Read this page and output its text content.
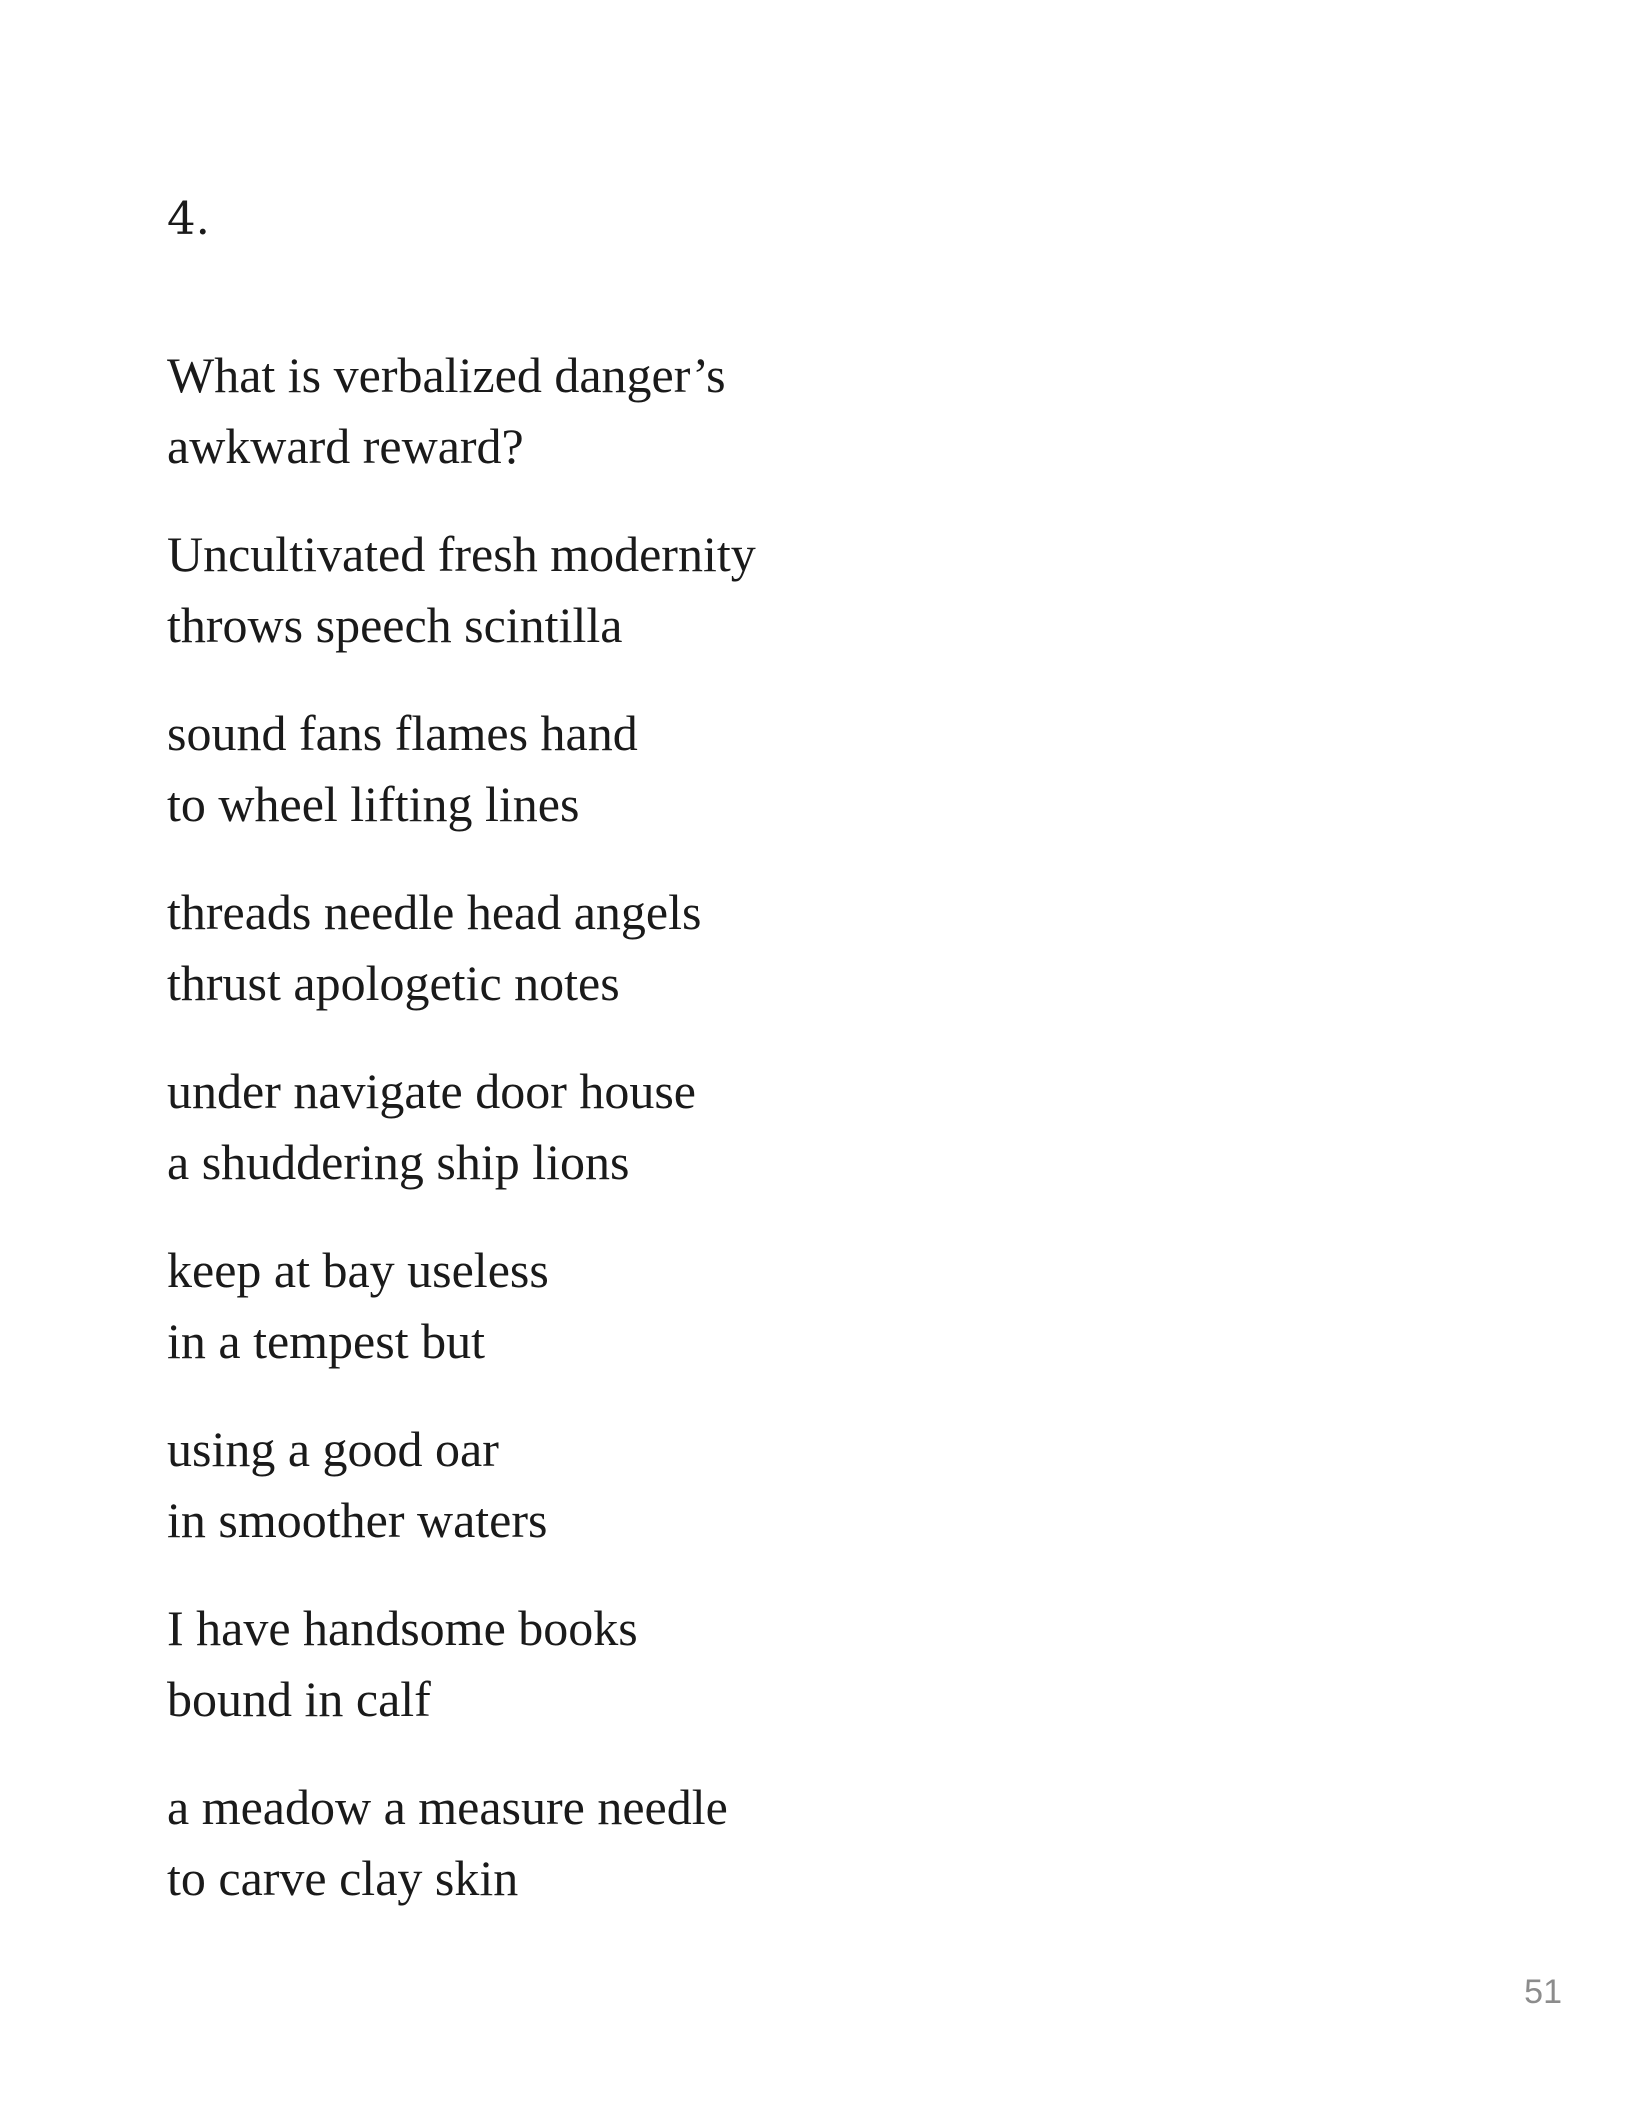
4.

What is verbalized danger’s
awkward reward?
Uncultivated fresh modernity
throws speech scintilla
sound fans flames hand
to wheel lifting lines
threads needle head angels
thrust apologetic notes
under navigate door house
a shuddering ship lions
keep at bay useless
in a tempest but
using a good oar
in smoother waters
I have handsome books
bound in calf
a meadow a measure needle
to carve clay skin

51
